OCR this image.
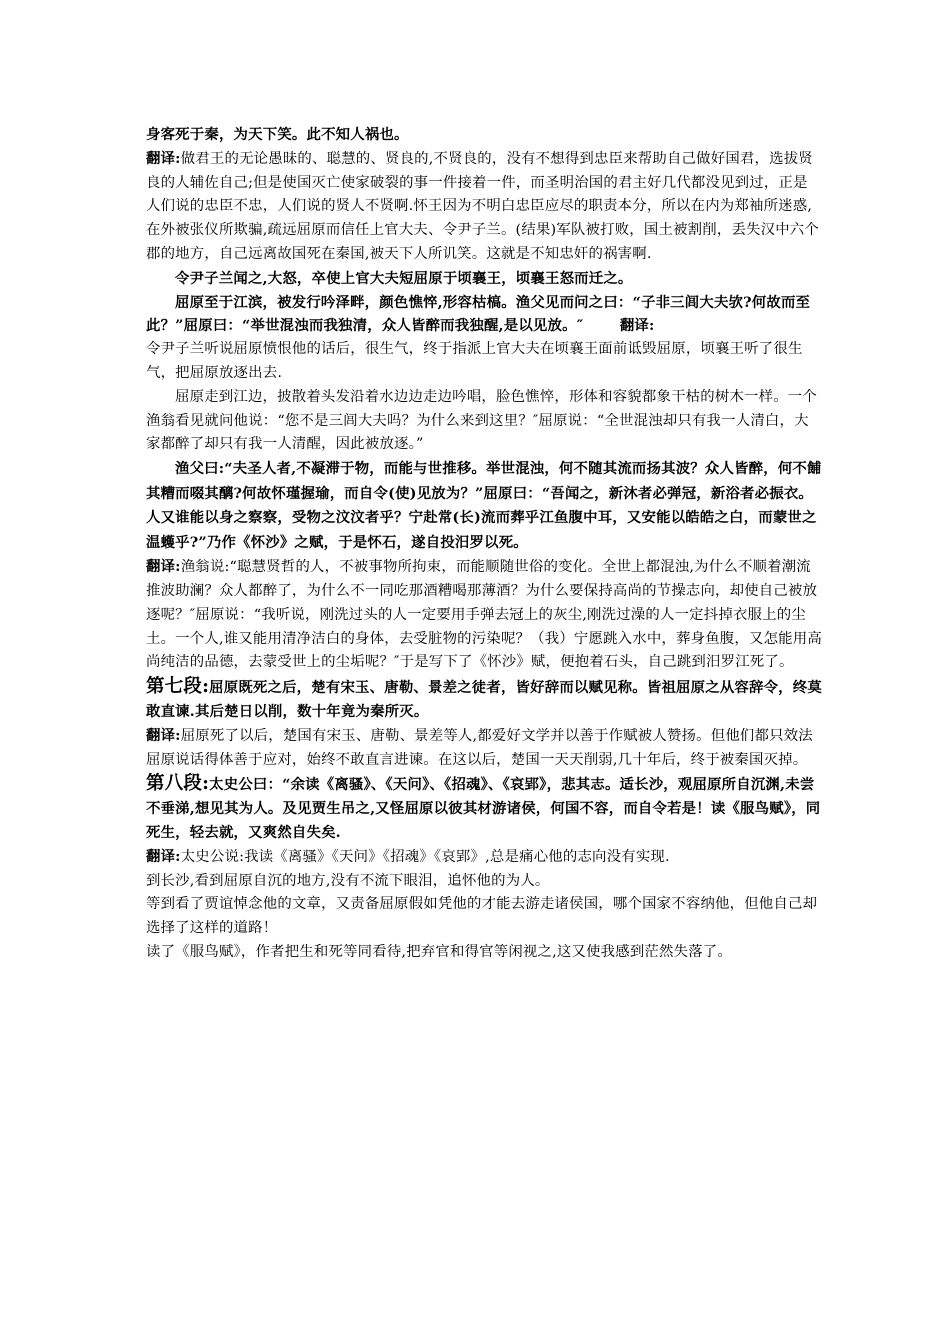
身客死于秦，为天下笑。此不知人祸也。

翻译:做君王的无论愚昧的、聪慧的、贤良的,不贤良的，没有不想得到忠臣来帮助自己做好国君，选拔贤良的人辅佐自己;但是使国灭亡使家破裂的事一件接着一件，而圣明治国的君主好几代都没见到过，正是人们说的忠臣不忠，人们说的贤人不贤啊.怀王因为不明白忠臣应尽的职责本分，所以在内为郑袖所迷惑,在外被张仪所欺骗,疏远屈原而信任上官大夫、令尹子兰。(结果)军队被打败，国土被割削，丢失汉中六个郡的地方，自己远离故国死在秦国,被天下人所讥笑。这就是不知忠奸的祸害啊.

令尹子兰闻之,大怒，卒使上官大夫短屈原于顷襄王，顷襄王怒而迁之。

屈原至于江滨，被发行吟泽畔，颜色憔悴,形容枯槁。渔父见而问之曰：“子非三闾大夫欤?何故而至此？”屈原曰：“举世混浊而我独清，众人皆醉而我独醒,是以见放。″	翻译:

令尹子兰听说屈原愤恨他的话后，很生气，终于指派上官大夫在顷襄王面前诋毁屈原，顷襄王听了很生气，把屈原放逐出去.

屈原走到江边，披散着头发沿着水边边走边吟唱，脸色憔悴，形体和容貌都象干枯的树木一样。一个渔翁看见就问他说：“您不是三闾大夫吗？为什么来到这里？″屈原说：“全世混浊却只有我一人清白，大家都醉了却只有我一人清醒，因此被放逐。”

渔父曰:“夫圣人者,不凝滞于物，而能与世推移。举世混浊，何不随其流而扬其波？众人皆醉，何不餔其糟而啜其醨?何故怀瑾握瑜，而自令(使)见放为？”屈原曰：“吾闻之，新沐者必弹冠，新浴者必振衣。人又谁能以身之察察，受物之汶汶者乎？宁赴常(长)流而葬乎江鱼腹中耳，又安能以皓皓之白，而蒙世之温蠖乎?”乃作《怀沙》之赋，于是怀石，遂自投汨罗以死。

翻译:渔翁说:“聪慧贤哲的人，不被事物所拘束，而能顺随世俗的变化。全世上都混浊,为什么不顺着潮流推波助澜？众人都醉了，为什么不一同吃那酒糟喝那薄酒？为什么要保持高尚的节操志向，却使自己被放逐呢？″屈原说：“我听说，刚洗过头的人一定要用手弹去冠上的灰尘,刚洗过澡的人一定抖掉衣服上的尘土。一个人,谁又能用清净洁白的身体，去受脏物的污染呢？（我）宁愿跳入水中，葬身鱼腹，又怎能用高尚纯洁的品德，去蒙受世上的尘垢呢？″于是写下了《怀沙》赋，便抱着石头，自己跳到汨罗江死了。

第七段:屈原既死之后，楚有宋玉、唐勒、景差之徒者，皆好辞而以赋见称。皆祖屈原之从容辞令，终莫敢直谏.其后楚日以削，数十年竟为秦所灭。

翻译:屈原死了以后，楚国有宋玉、唐勒、景差等人,都爱好文学并以善于作赋被人赞扬。但他们都只效法屈原说话得体善于应对，始终不敢直言进谏。在这以后，楚国一天天削弱,几十年后，终于被秦国灭掉。

第八段:太史公曰：“余读《离骚》、《天问》、《招魂》、《哀郢》，悲其志。适长沙，观屈原所自沉渊,未尝不垂涕,想见其为人。及见贾生吊之,又怪屈原以彼其材游诸侯，何国不容，而自令若是！读《服鸟赋》，同死生，轻去就，又爽然自失矣.

翻译:太史公说:我读《离骚》《天问》《招魂》《哀郢》,总是痛心他的志向没有实现.

到长沙,看到屈原自沉的地方,没有不流下眼泪，追怀他的为人。

等到看了贾谊悼念他的文章，又责备屈原假如凭他的才能去游走诸侯国，哪个国家不容纳他，但他自己却选择了这样的道路！

读了《服鸟赋》，作者把生和死等同看待,把弃官和得官等闲视之,这又使我感到茫然失落了。
